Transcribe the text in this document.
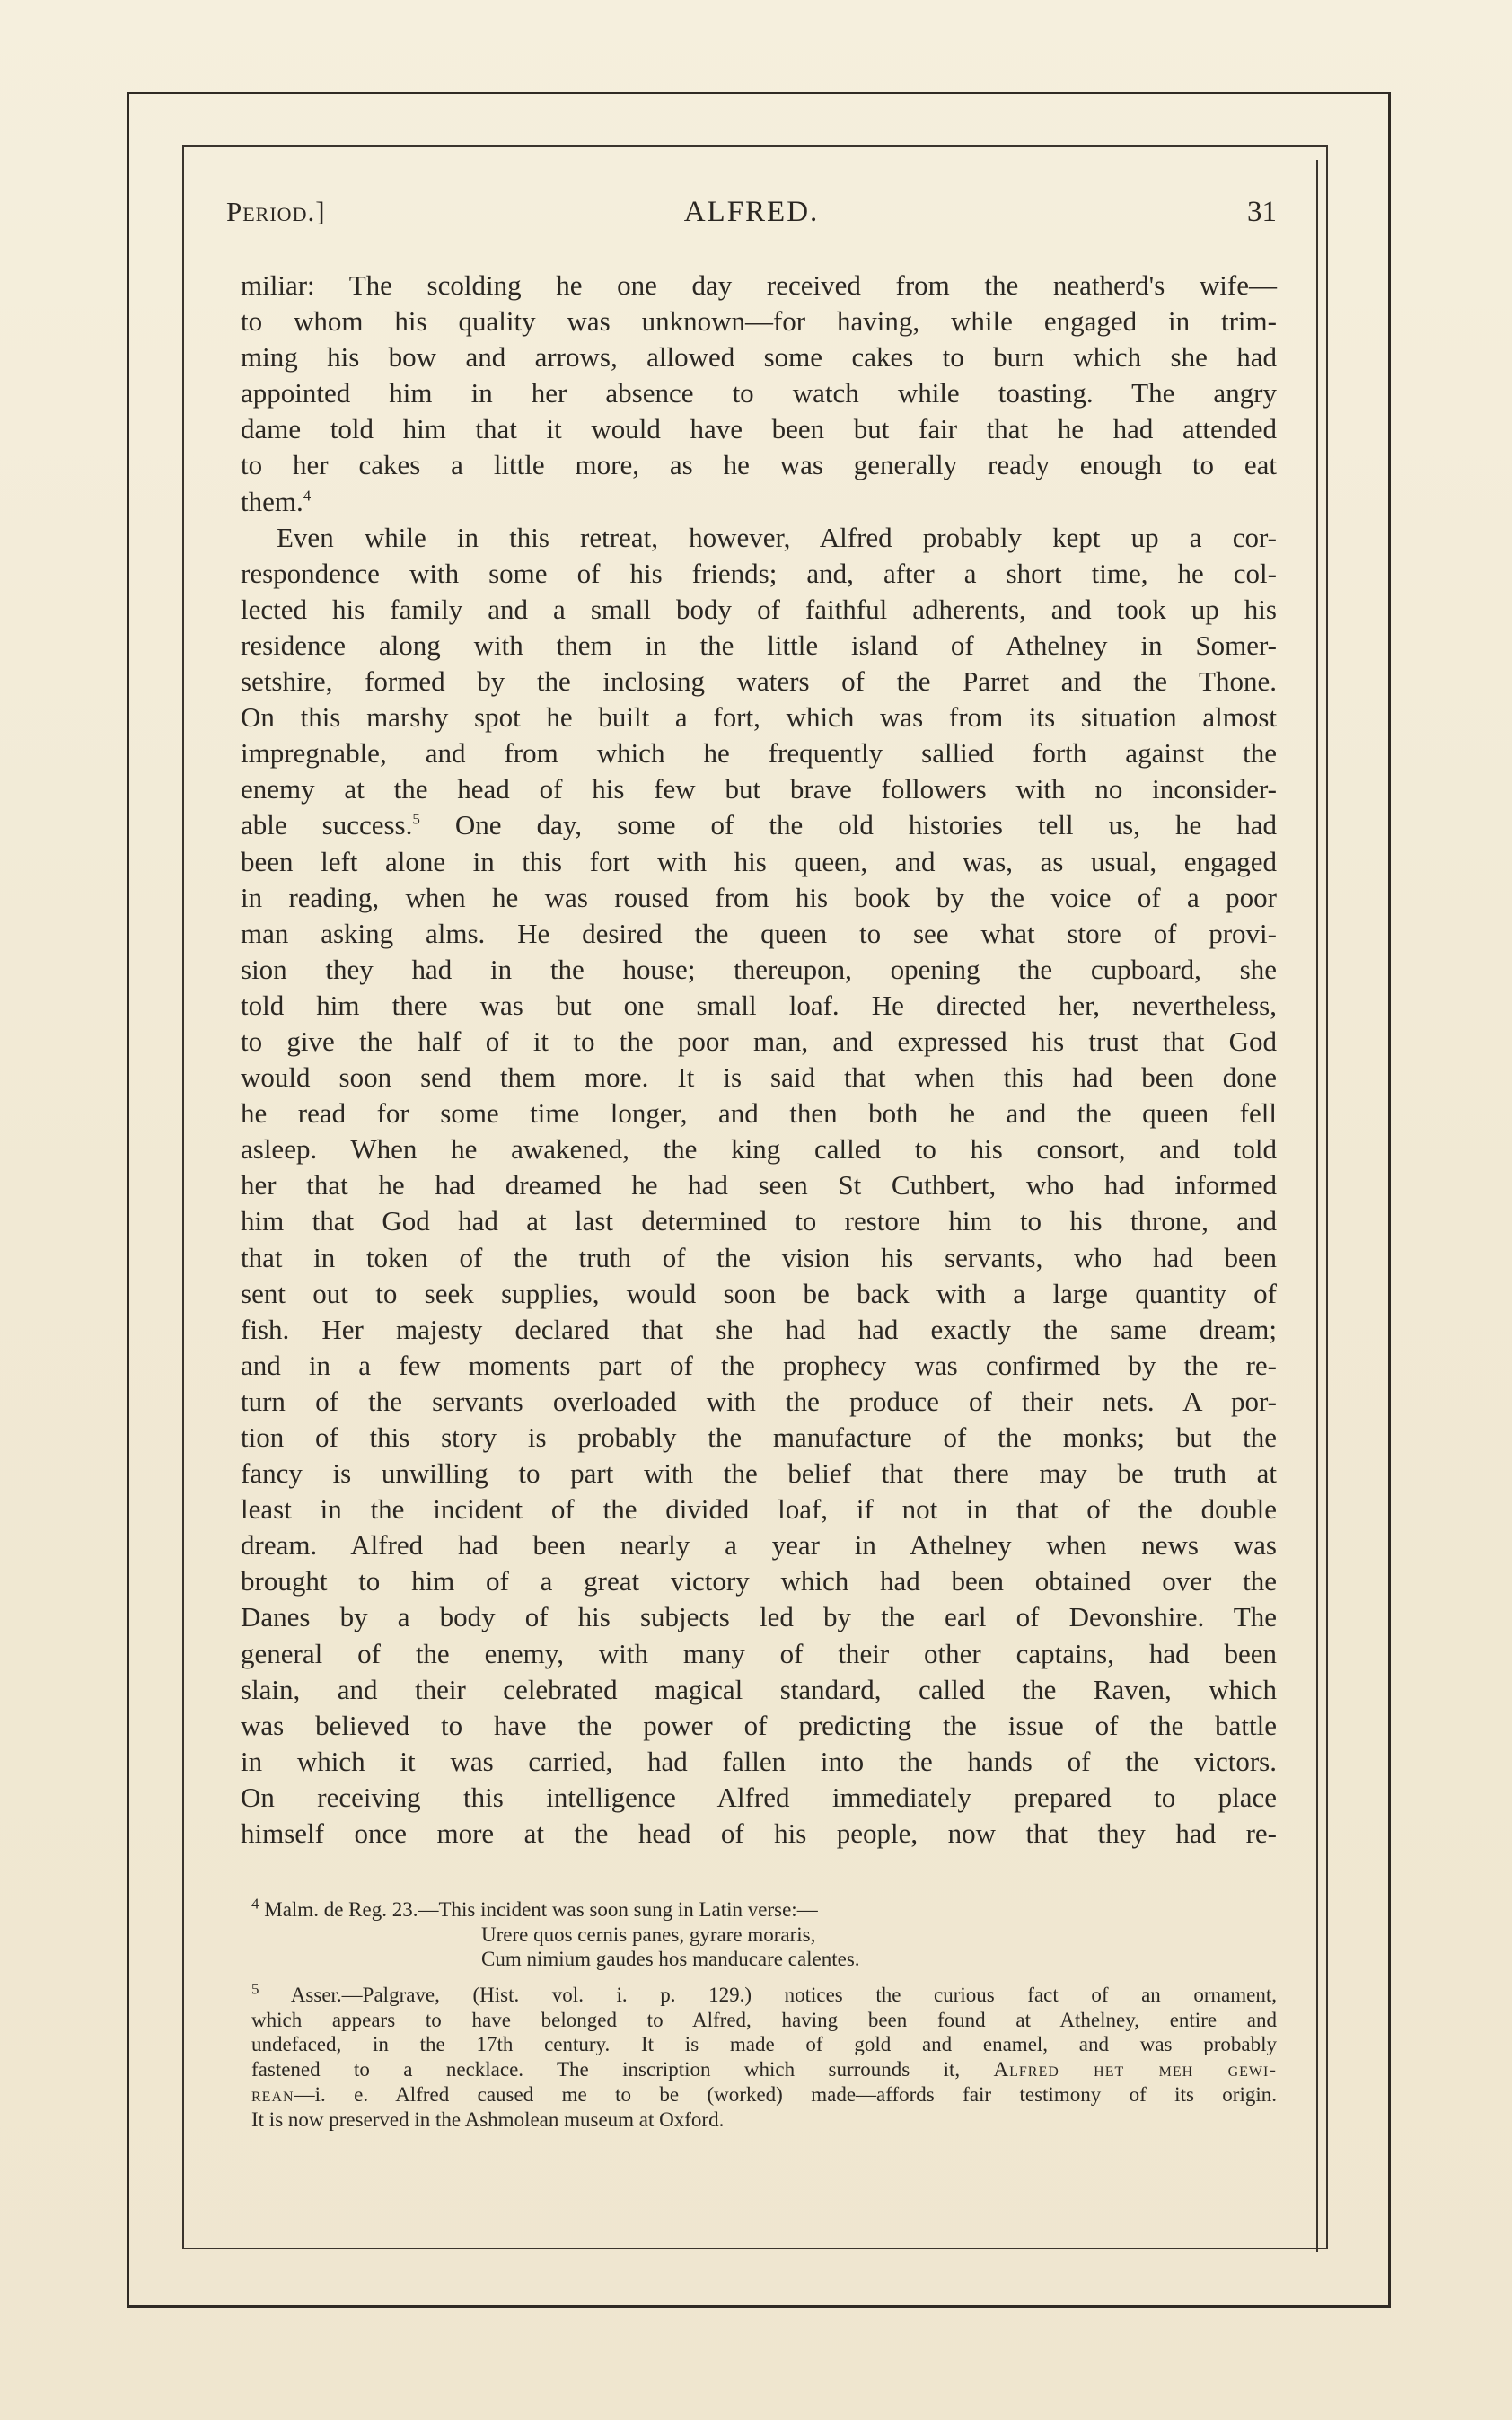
Period.]	ALFRED.	31
miliar: The scolding he one day received from the neatherd's wife—
to whom his quality was unknown—for having, while engaged in trim-
ming his bow and arrows, allowed some cakes to burn which she had
appointed him in her absence to watch while toasting. The angry
dame told him that it would have been but fair that he had attended
to her cakes a little more, as he was generally ready enough to eat
them.$^4$
Even while in this retreat, however, Alfred probably kept up a cor-
respondence with some of his friends; and, after a short time, he col-
lected his family and a small body of faithful adherents, and took up his
residence along with them in the little island of Athelney in Somer-
setshire, formed by the inclosing waters of the Parret and the Thone.
On this marshy spot he built a fort, which was from its situation almost
impregnable, and from which he frequently sallied forth against the
enemy at the head of his few but brave followers with no inconsider-
able success.$^5$ One day, some of the old histories tell us, he had
been left alone in this fort with his queen, and was, as usual, engaged
in reading, when he was roused from his book by the voice of a poor
man asking alms. He desired the queen to see what store of provi-
sion they had in the house; thereupon, opening the cupboard, she
told him there was but one small loaf. He directed her, nevertheless,
to give the half of it to the poor man, and expressed his trust that God
would soon send them more. It is said that when this had been done
he read for some time longer, and then both he and the queen fell
asleep. When he awakened, the king called to his consort, and told
her that he had dreamed he had seen St Cuthbert, who had informed
him that God had at last determined to restore him to his throne, and
that in token of the truth of the vision his servants, who had been
sent out to seek supplies, would soon be back with a large quantity of
fish. Her majesty declared that she had had exactly the same dream;
and in a few moments part of the prophecy was confirmed by the re-
turn of the servants overloaded with the produce of their nets. A por-
tion of this story is probably the manufacture of the monks; but the
fancy is unwilling to part with the belief that there may be truth at
least in the incident of the divided loaf, if not in that of the double
dream. Alfred had been nearly a year in Athelney when news was
brought to him of a great victory which had been obtained over the
Danes by a body of his subjects led by the earl of Devonshire. The
general of the enemy, with many of their other captains, had been
slain, and their celebrated magical standard, called the Raven, which
was believed to have the power of predicting the issue of the battle
in which it was carried, had fallen into the hands of the victors.
On receiving this intelligence Alfred immediately prepared to place
himself once more at the head of his people, now that they had re-
$^4$ Malm. de Reg. 23.—This incident was soon sung in Latin verse:—
Urere quos cernis panes, gyrare moraris,
Cum nimium gaudes hos manducare calentes.
$^5$ Asser.—Palgrave, (Hist. vol. i. p. 129.) notices the curious fact of an ornament,
which appears to have belonged to Alfred, having been found at Athelney, entire and
undefaced, in the 17th century. It is made of gold and enamel, and was probably
fastened to a necklace. The inscription which surrounds it, Alfred het meh gewi-
rean—i. e. Alfred caused me to be (worked) made—affords fair testimony of its origin.
It is now preserved in the Ashmolean museum at Oxford.
